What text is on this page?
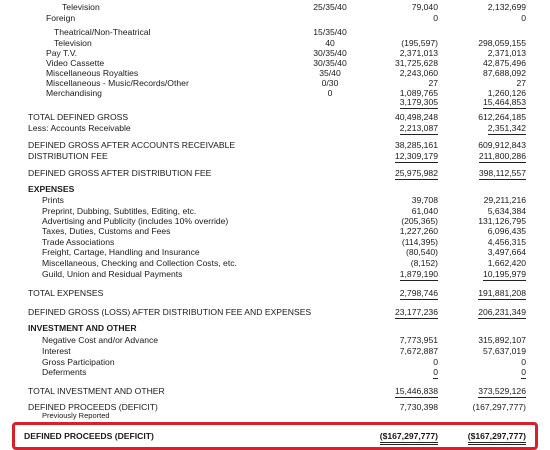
Television	25/35/40	79,040	2,132,699
Foreign	0	0
Theatrical/Non-Theatrical	15/35/40
Television	40	(195,597)	298,059,155
Pay T.V.	30/35/40	2,371,013	2,371,013
Video Cassette	30/35/40	31,725,628	42,875,496
Miscellaneous Royalties	35/40	2,243,060	87,688,092
Miscellaneous - Music/Records/Other	0/30	27	27
Merchandising	0	1,089,765	1,260,126
3,179,305	15,464,853
TOTAL DEFINED GROSS	40,498,248	612,264,185
Less: Accounts Receivable	2,213,087	2,351,342
DEFINED GROSS AFTER ACCOUNTS RECEIVABLE	38,285,161	609,912,843
DISTRIBUTION FEE	12,309,179	211,800,286
DEFINED GROSS AFTER DISTRIBUTION FEE	25,975,982	398,112,557
EXPENSES
Prints	39,708	29,211,216
Preprint, Dubbing, Subtitles, Editing, etc.	61,040	5,634,384
Advertising and Publicity (includes 10% override)	(205,365)	131,126,795
Taxes, Duties, Customs and Fees	1,227,260	6,096,435
Trade Associations	(114,395)	4,456,315
Freight, Cartage, Handling and Insurance	(80,540)	3,497,664
Miscellaneous, Checking and Collection Costs, etc.	(8,152)	1,662,420
Guild, Union and Residual Payments	1,879,190	10,195,979
TOTAL EXPENSES	2,798,746	191,881,208
DEFINED GROSS (LOSS) AFTER DISTRIBUTION FEE AND EXPENSES	23,177,236	206,231,349
INVESTMENT AND OTHER
Negative Cost and/or Advance	7,773,951	315,892,107
Interest	7,672,887	57,637,019
Gross Participation	0	0
Deferments	0	0
TOTAL INVESTMENT AND OTHER	15,446,838	373,529,126
DEFINED PROCEEDS (DEFICIT)	7,730,398	(167,297,777)
Previously Reported
DEFINED PROCEEDS (DEFICIT)	($167,297,777)	($167,297,777)
